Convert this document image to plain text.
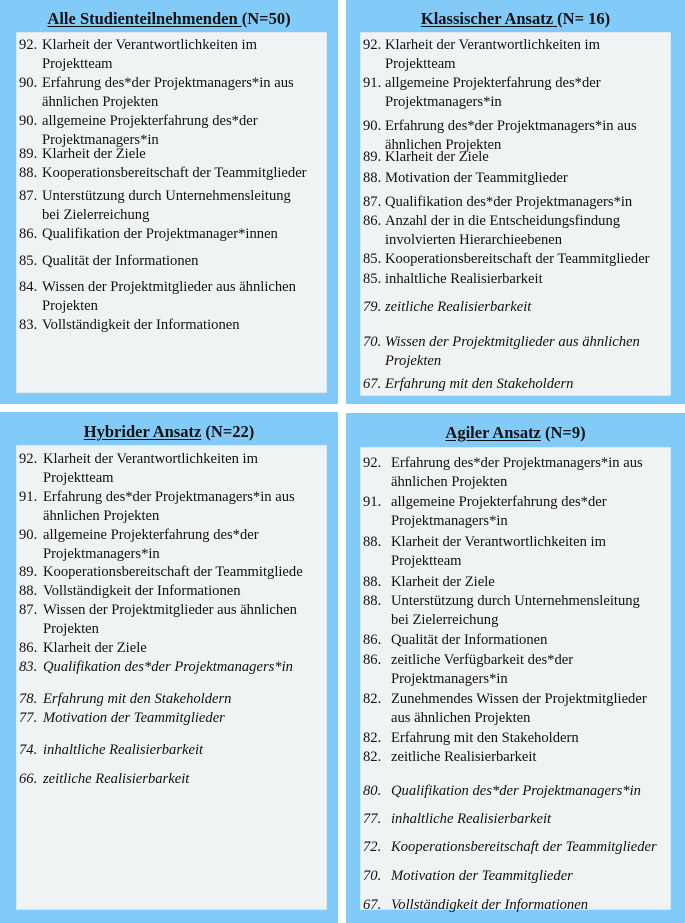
Alle Studienteilnehmenden (N=50)	Klassischer Ansatz (N= 16)
Hybrider Ansatz (N=22)	Agiler Ansatz (N=9)
92. Klarheit der Verantwortlichkeiten im
Projektteam
90. Erfahrung des*der Projektmanagers*in aus
ähnlichen Projekten
90. allgemeine Projekterfahrung des*der
Projektmanagers*in
89. Klarheit der Ziele
88. Kooperationsbereitschaft der Teammitglieder
87. Unterstützung durch Unternehmensleitung
bei Zielerreichung
86. Qualifikation der Projektmanager*innen
85. Qualität der Informationen
84. Wissen der Projektmitglieder aus ähnlichen
Projekten
83. Vollständigkeit der Informationen
92. Klarheit der Verantwortlichkeiten im
Projektteam
91. allgemeine Projekterfahrung des*der
Projektmanagers*in
90. Erfahrung des*der Projektmanagers*in aus
ähnlichen Projekten
89. Klarheit der Ziele
88. Motivation der Teammitglieder
87. Qualifikation des*der Projektmanagers*in
86. Anzahl der in die Entscheidungsfindung
involvierten Hierarchieebenen
85. Kooperationsbereitschaft der Teammitglieder
85. inhaltliche Realisierbarkeit
79. zeitliche Realisierbarkeit
70. Wissen der Projektmitglieder aus ähnlichen
Projekten
67. Erfahrung mit den Stakeholdern
92. Klarheit der Verantwortlichkeiten im
Projektteam
91. Erfahrung des*der Projektmanagers*in aus
ähnlichen Projekten
90. allgemeine Projekterfahrung des*der
Projektmanagers*in
89. Kooperationsbereitschaft der Teammitgliede
88. Vollständigkeit der Informationen
87. Wissen der Projektmitglieder aus ähnlichen
Projekten
86. Klarheit der Ziele
83. Qualifikation des*der Projektmanagers*in
78. Erfahrung mit den Stakeholdern
77. Motivation der Teammitglieder
74. inhaltliche Realisierbarkeit
66. zeitliche Realisierbarkeit
92. Erfahrung des*der Projektmanagers*in aus
ähnlichen Projekten
91. allgemeine Projekterfahrung des*der
Projektmanagers*in
88. Klarheit der Verantwortlichkeiten im
Projektteam
88. Klarheit der Ziele
88. Unterstützung durch Unternehmensleitung
bei Zielerreichung
86. Qualität der Informationen
86. zeitliche Verfügbarkeit des*der
Projektmanagers*in
82. Zunehmendes Wissen der Projektmitglieder
aus ähnlichen Projekten
82. Erfahrung mit den Stakeholdern
82. zeitliche Realisierbarkeit
80. Qualifikation des*der Projektmanagers*in
77. inhaltliche Realisierbarkeit
72. Kooperationsbereitschaft der Teammitglieder
70. Motivation der Teammitglieder
67. Vollständigkeit der Informationen
